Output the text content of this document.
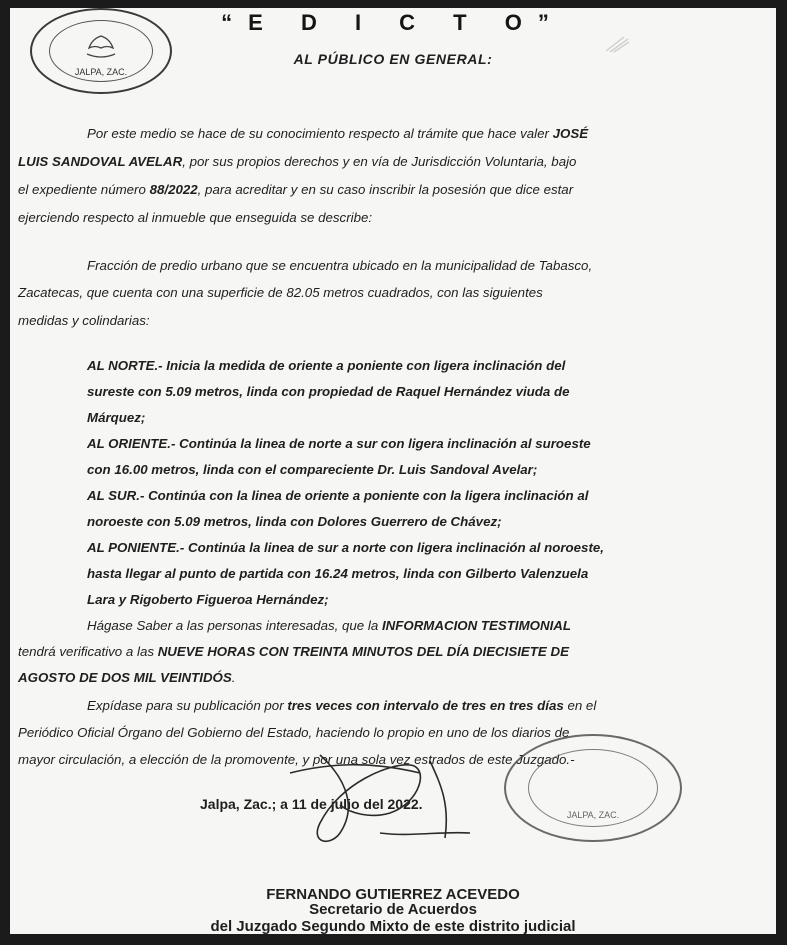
JALPA, ZAC.
“E D I C T O”
AL PÚBLICO EN GENERAL:
Por este medio se hace de su conocimiento respecto al trámite que hace valer JOSÉ
LUIS SANDOVAL AVELAR, por sus propios derechos y en vía de Jurisdicción Voluntaria, bajo
el expediente número 88/2022, para acreditar y en su caso inscribir la posesión que dice estar
ejerciendo respecto al inmueble que enseguida se describe:
Fracción de predio urbano que se encuentra ubicado en la municipalidad de Tabasco,
Zacatecas, que cuenta con una superficie de 82.05 metros cuadrados, con las siguientes
medidas y colindarias:
AL NORTE.- Inicia la medida de oriente a poniente con ligera inclinación del
sureste con 5.09 metros, linda con propiedad de Raquel Hernández viuda de
Márquez;
AL ORIENTE.- Continúa la linea de norte a sur con ligera inclinación al suroeste
con 16.00 metros, linda con el compareciente Dr. Luis Sandoval Avelar;
AL SUR.- Continúa con la linea de oriente a poniente con la ligera inclinación al
noroeste con 5.09 metros, linda con Dolores Guerrero de Chávez;
AL PONIENTE.- Continúa la linea de sur a norte con ligera inclinación al noroeste,
hasta llegar al punto de partida con 16.24 metros, linda con Gilberto Valenzuela
Lara y Rigoberto Figueroa Hernández;
Hágase Saber a las personas interesadas, que la INFORMACION TESTIMONIAL
tendrá verificativo a las NUEVE HORAS CON TREINTA MINUTOS DEL DÍA DIECISIETE DE
AGOSTO DE DOS MIL VEINTIDÓS.
Expídase para su publicación por tres veces con intervalo de tres en tres días en el
Periódico Oficial Órgano del Gobierno del Estado, haciendo lo propio en uno de los diarios de
mayor circulación, a elección de la promovente, y por una sola vez estrados de este Juzgado.-
Jalpa, Zac.; a 11 de julio del 2022.
JALPA, ZAC.
FERNANDO GUTIERREZ ACEVEDO
Secretario de Acuerdos
del Juzgado Segundo Mixto de este distrito judicial
